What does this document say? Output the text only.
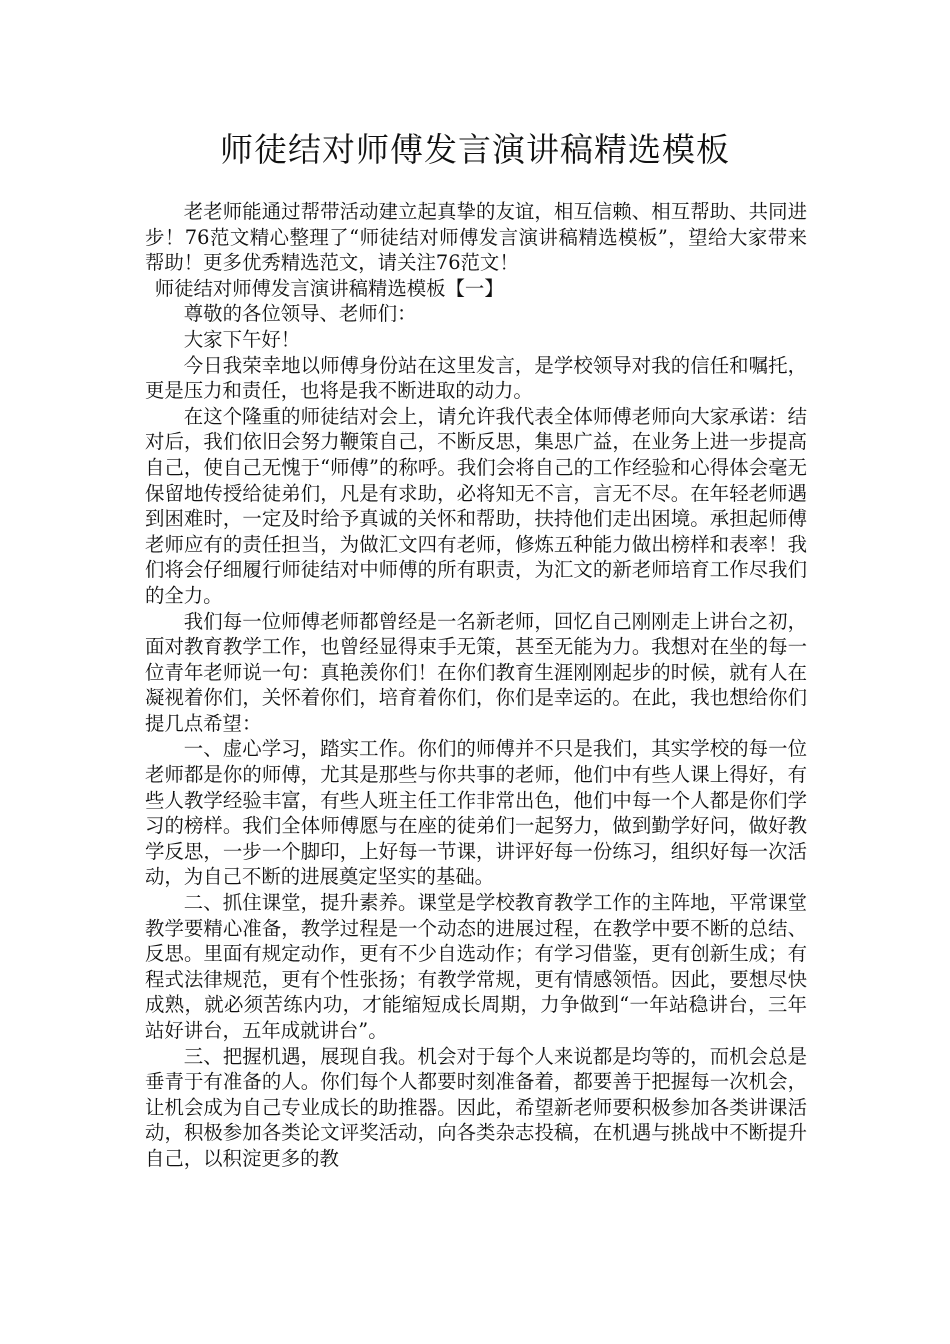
师徒结对师傅发言演讲稿精选模板

老老师能通过帮带活动建立起真挚的友谊，相互信赖、相互帮助、共同进步！76范文精心整理了“师徒结对师傅发言演讲稿精选模板”，望给大家带来帮助！更多优秀精选范文，请关注76范文！

师徒结对师傅发言演讲稿精选模板【一】

尊敬的各位领导、老师们：

大家下午好！

今日我荣幸地以师傅身份站在这里发言，是学校领导对我的信任和嘱托，更是压力和责任，也将是我不断进取的动力。

在这个隆重的师徒结对会上，请允许我代表全体师傅老师向大家承诺：结对后，我们依旧会努力鞭策自己，不断反思，集思广益，在业务上进一步提高自己，使自己无愧于“师傅”的称呼。我们会将自己的工作经验和心得体会毫无保留地传授给徒弟们，凡是有求助，必将知无不言，言无不尽。在年轻老师遇到困难时，一定及时给予真诚的关怀和帮助，扶持他们走出困境。承担起师傅老师应有的责任担当，为做汇文四有老师，修炼五种能力做出榜样和表率！我们将会仔细履行师徒结对中师傅的所有职责，为汇文的新老师培育工作尽我们的全力。

我们每一位师傅老师都曾经是一名新老师，回忆自己刚刚走上讲台之初，面对教育教学工作，也曾经显得束手无策，甚至无能为力。我想对在坐的每一位青年老师说一句：真艳羡你们！在你们教育生涯刚刚起步的时候，就有人在凝视着你们，关怀着你们，培育着你们，你们是幸运的。在此，我也想给你们提几点希望：

一、虚心学习，踏实工作。你们的师傅并不只是我们，其实学校的每一位老师都是你的师傅，尤其是那些与你共事的老师，他们中有些人课上得好，有些人教学经验丰富，有些人班主任工作非常出色，他们中每一个人都是你们学习的榜样。我们全体师傅愿与在座的徒弟们一起努力，做到勤学好问，做好教学反思，一步一个脚印，上好每一节课，讲评好每一份练习，组织好每一次活动，为自己不断的进展奠定坚实的基础。

二、抓住课堂，提升素养。课堂是学校教育教学工作的主阵地，平常课堂教学要精心准备，教学过程是一个动态的进展过程，在教学中要不断的总结、反思。里面有规定动作，更有不少自选动作；有学习借鉴，更有创新生成；有程式法律规范，更有个性张扬；有教学常规，更有情感领悟。因此，要想尽快成熟，就必须苦练内功，才能缩短成长周期，力争做到“一年站稳讲台，三年站好讲台，五年成就讲台”。

三、把握机遇，展现自我。机会对于每个人来说都是均等的，而机会总是垂青于有准备的人。你们每个人都要时刻准备着，都要善于把握每一次机会，让机会成为自己专业成长的助推器。因此，希望新老师要积极参加各类讲课活动，积极参加各类论文评奖活动，向各类杂志投稿，在机遇与挑战中不断提升自己，以积淀更多的教
